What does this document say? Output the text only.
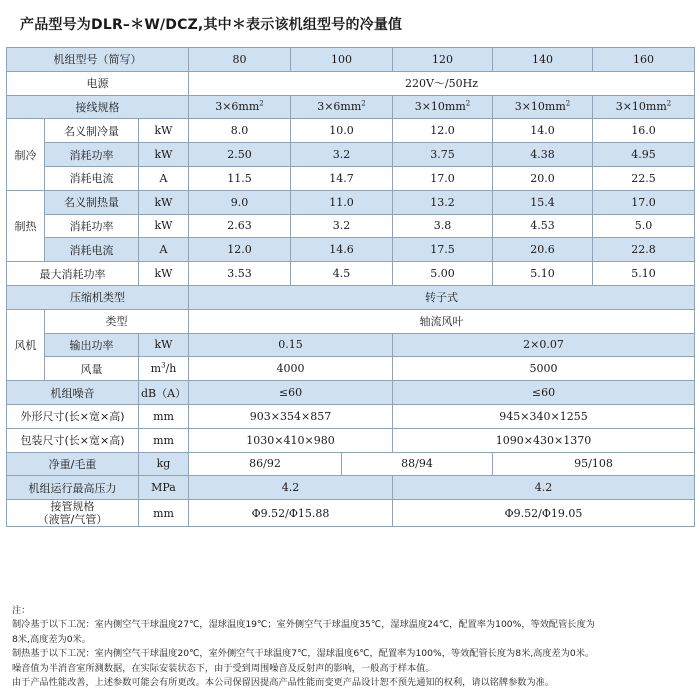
产品型号为DLR–＊W/DCZ,其中＊表示该机组型号的冷量值
机组型号（简写）			80	100		120	140	160	
电源			220V～/50Hz						
接线规格			$3\times 6mm^2$	$3\times 6mm^2$		$3\times 10mm^2$	$3\times 10mm^2$	$3\times 10mm^2$
制冷	名义制冷量	kW	8.0	10.0		12.0	14.0	16.0	
	消耗功率	kW	2.50	3.2		3.75	4.38	4.95	
	消耗电流	A	11.5	14.7		17.0	20.0	22.5	
制热	名义制热量	kW	9.0	11.0		13.2	15.4	17.0	
	消耗功率	kW	2.63	3.2		3.8	4.53	5.0	
	消耗电流	A	12.0	14.6		17.5	20.6	22.8	
最大消耗功率		kW	3.53	4.5		5.00	5.10	5.10	
压缩机类型			转子式						
风机	类型		轴流风叶						
	输出功率	kW	0.15			2×0.07	
	风量	$m^3/h$	4000			5000	
机组噪音		dB（A）	≤60			≤60	
外形尺寸(长×宽×高)		mm	903×354×857			945×340×1255			
包装尺寸(长×宽×高)		mm	1030×410×980			1090×430×1370			
净重/毛重		kg	86/92		88/94		95/108	
机组运行最高压力		MPa	4.2			4.2			
接管规格
（液管/气管）		mm	Φ9.52/Φ15.88			Φ9.52/Φ19.05			
注：
制冷基于以下工况：室内侧空气干球温度27℃，湿球温度19℃；室外侧空气干球温度35℃，湿球温度24℃，配置率为100%，等效配管长度为
8米,高度差为0米。
制热基于以下工况：室内侧空气干球温度20℃，室外侧空气干球温度7℃，湿球温度6℃，配置率为100%，等效配管长度为8米,高度差为0米。
噪音值为半消音室所测数据，在实际安装状态下，由于受到周围噪音及反射声的影响，一般高于样本值。
由于产品性能改善，上述参数可能会有所更改。本公司保留因提高产品性能而变更产品设计恕不预先通知的权利，请以铭牌参数为准。
